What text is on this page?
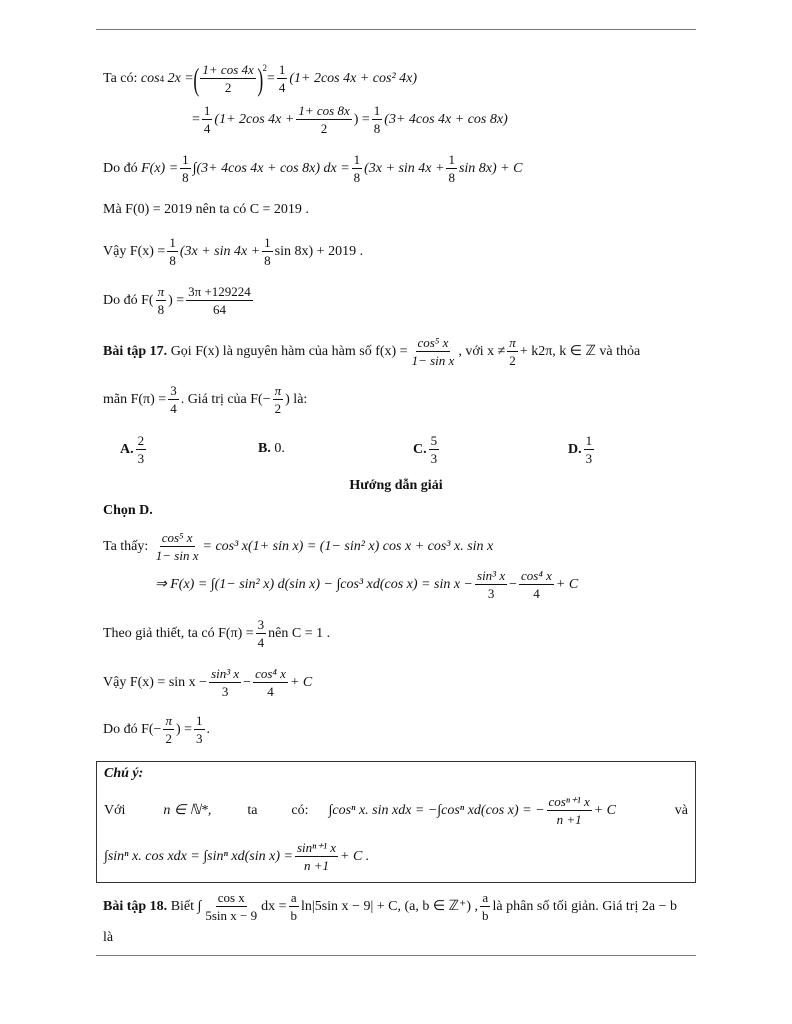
Ta có:
cos 4
2x = ( $\frac{1+ \cos 4x}{2} )^2$
= $\frac{1}{4} (1+ 2\cos$ 4x + cos² 4x)
= $\frac{1}{4} (1+ 2\cos$ $4x + \frac{1+ \cos 8x}{2}$ ) = $\frac{1}{8} (3+ 4\cos$ 4x + cos 8x)
Do đó
$F(x) = \frac{1}{8} \int(3+ 4\cos$ 4x + cos 8x) dx = $\frac{1}{8} (3x + \sin 4x + \frac{1}{8}$ sin 8x) + C
Mà F(0) = 2019 nên ta có C = 2019 .
Vậy $F(x) = \frac{1}{8} (3x + \sin 4x + \frac{1}{8}$ sin 8x) + 2019 .
Do đó $F( \frac{\pi}{8}$ ) = $\frac{3\pi +129224}{64}$
Bài tập 17.
Gọi F(x) là nguyên hàm của hàm số $f(x) = \frac{\text{cos⁵ x}}{\text{1− sin x}}$ , với $x \ne \frac{\pi}{2} + k2\pi$, k ∈ ℤ và thỏa
mãn $F(\pi) = \frac{3}{4}$ . Giá trị của $F(- \frac{\pi}{2}$ ) là:
A. $\frac{2}{3}$	B.
0.	C. $\frac{5}{3}$	D. $\frac{1}{3}$
Hướng dẫn giải
Chọn D.
Ta thấy:
$\frac{\text{cos⁵ x}}{\text{1− sin x}} = \cos^3$ x(1+ sin x) = (1− sin² x) cos x + cos³ x. sin x
⇒ F(x) = ∫(1− sin² x) d(sin x) − ∫cos³ xd(cos $x) = \sin x - \frac{\text{sin³ x}}{3} - \frac{\text{cos⁴ x}}{4} + C$
Theo giả thiết, ta có $F(\pi) = \frac{3}{4}$ nên C = 1 .
Vậy $F(x) = \sin x - \frac{\text{sin³ x}}{3} - \frac{\text{cos⁴ x}}{4} + C$
Do đó $F(- \frac{\pi}{2}$ ) = $\frac{1}{3}$ .
Chú ý:
Với	n ∈ ℕ*,	ta có: ∫cosⁿ x. sin xdx = −∫cosⁿ xd(cos x) = − $\frac{\text{cosⁿ⁺¹ x}}{n +1} + C$	và
∫sinⁿ x. cos xdx = ∫sinⁿ xd(sin $x) = \frac{\text{sinⁿ⁺¹ x}}{n +1} + C$ .
Bài tập 18.
Biết ∫ $\frac{\text{cos x}}{\text{5sin x − 9}}$ dx = $\frac{a}{b} \ln|5\sin$ x − 9| + C, (a, b ∈ ℤ⁺) , $\frac{a}{b}$ là phân số tối giản. Giá trị 2a − b
là
